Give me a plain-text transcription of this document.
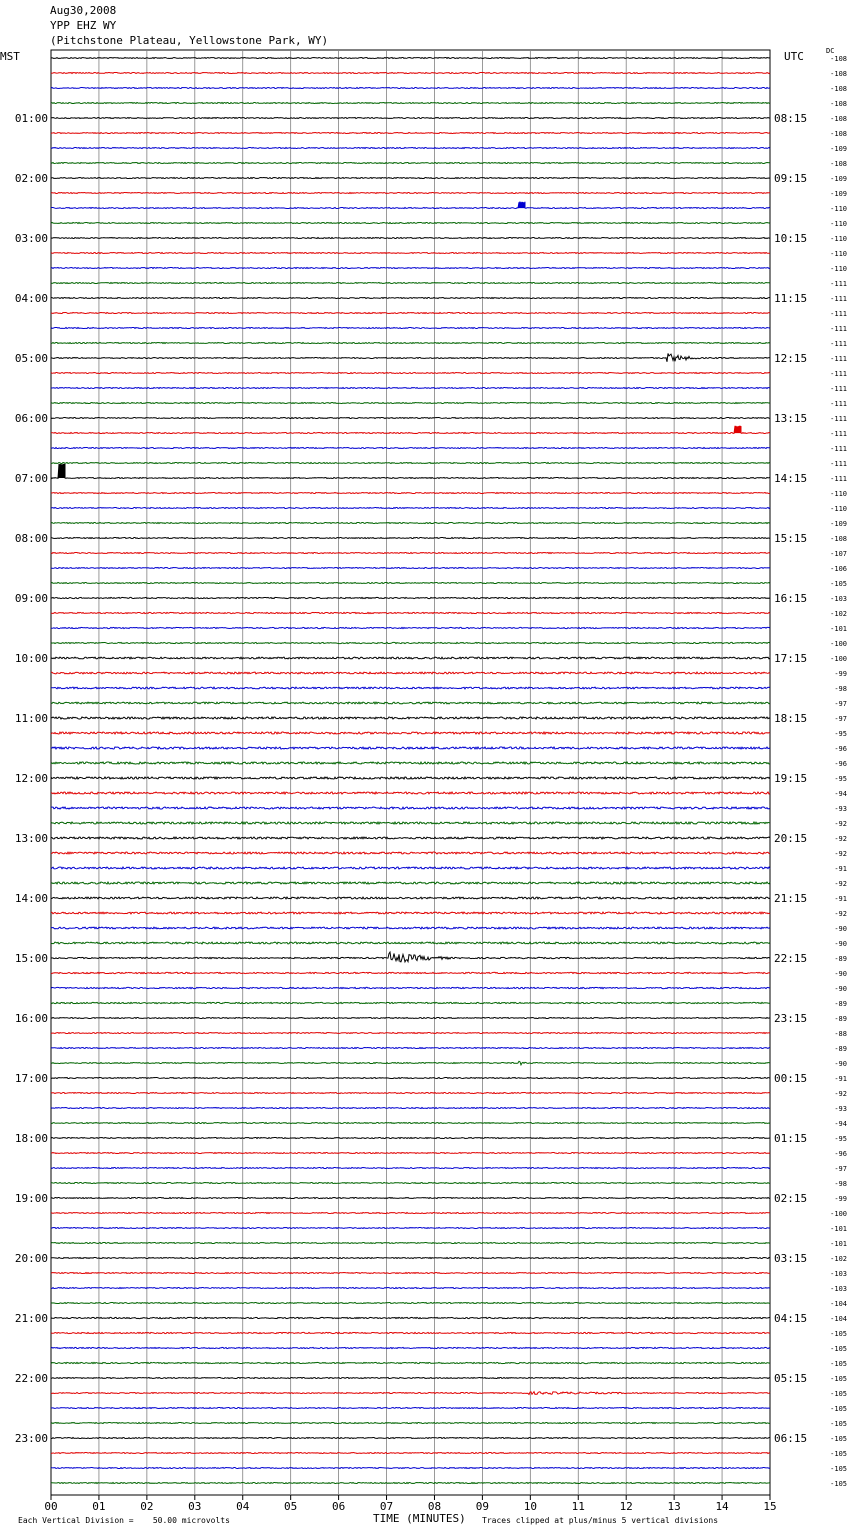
Aug30,2008
YPP EHZ WY
(Pitchstone Plateau, Yellowstone Park, WY)
MST	UTC	DC
-108
-108
-108
-108
-108
-108
-109
-108
-109
-109
-110
-110
-110
-110
-110
-111
-111
-111
-111
-111
-111
-111
-111
-111
-111
-111
-111
-111
-111
-110
-110
-109
-108
-107
-106
-105
-103
-102
-101
-100
-100
-99
-98
-97
-97
-95
-96
-96
-95
-94
-93
-92
-92
-92
-91
-92
-91
-92
-90
-90
-89
-90
-90
-89
-89
-88
-89
-90
-91
-92
-93
-94
-95
-96
-97
-98
-99
-100
-101
-101
-102
-103
-103
-104
-104
-105
-105
-105
-105
-105
-105
-105
-105
-105
-105
-105
01:00	08:15
02:00	09:15
03:00	10:15
04:00	11:15
05:00	12:15
06:00	13:15
07:00	14:15
08:00	15:15
09:00	16:15
10:00	17:15
11:00	18:15
12:00	19:15
13:00	20:15
14:00	21:15
15:00	22:15
16:00	23:15
17:00	00:15
18:00	01:15
19:00	02:15
20:00	03:15
21:00	04:15
22:00	05:15
23:00	06:15
00	01	02	03	04	05	06	07	08	09	10	11	12	13	14	15
TIME (MINUTES)
Each Vertical Division =    50.00 microvolts	Traces clipped at plus/minus 5 vertical divisions
